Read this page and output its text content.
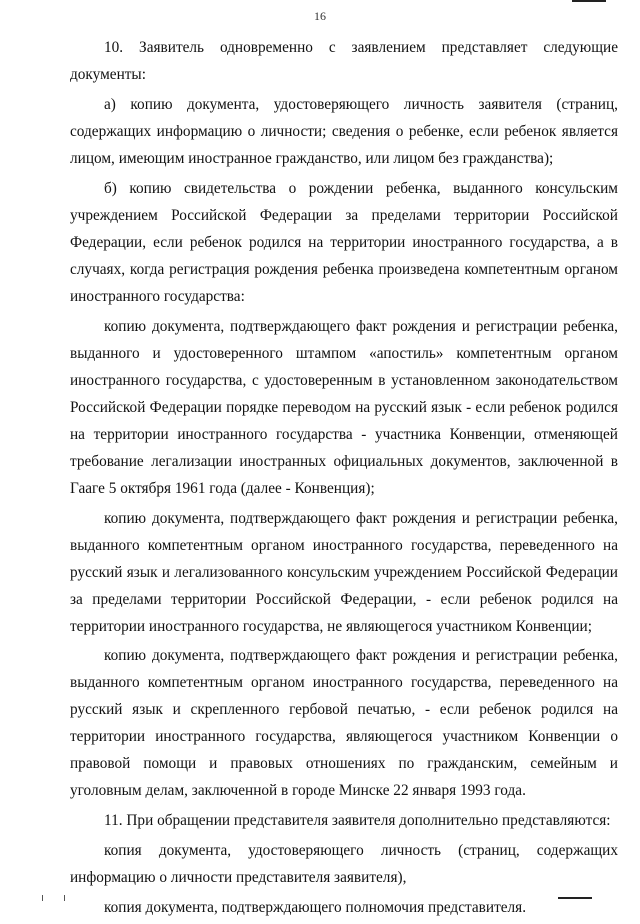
16

10. Заявитель одновременно с заявлением представляет следующие документы:

а) копию документа, удостоверяющего личность заявителя (страниц, содержащих информацию о личности; сведения о ребенке, если ребенок является лицом, имеющим иностранное гражданство, или лицом без гражданства);

б) копию свидетельства о рождении ребенка, выданного консульским учреждением Российской Федерации за пределами территории Российской Федерации, если ребенок родился на территории иностранного государства, а в случаях, когда регистрация рождения ребенка произведена компетентным органом иностранного государства:

копию документа, подтверждающего факт рождения и регистрации ребенка, выданного и удостоверенного штампом «апостиль» компетентным органом иностранного государства, с удостоверенным в установленном законодательством Российской Федерации порядке переводом на русский язык - если ребенок родился на территории иностранного государства - участника Конвенции, отменяющей требование легализации иностранных официальных документов, заключенной в Гааге 5 октября 1961 года (далее - Конвенция);

копию документа, подтверждающего факт рождения и регистрации ребенка, выданного компетентным органом иностранного государства, переведенного на русский язык и легализованного консульским учреждением Российской Федерации за пределами территории Российской Федерации, - если ребенок родился на территории иностранного государства, не являющегося участником Конвенции;

копию документа, подтверждающего факт рождения и регистрации ребенка, выданного компетентным органом иностранного государства, переведенного на русский язык и скрепленного гербовой печатью, - если ребенок родился на территории иностранного государства, являющегося участником Конвенции о правовой помощи и правовых отношениях по гражданским, семейным и уголовным делам, заключенной в городе Минске 22 января 1993 года.

11. При обращении представителя заявителя дополнительно представляются:

копия документа, удостоверяющего личность (страниц, содержащих информацию о личности представителя заявителя),

копия документа, подтверждающего полномочия представителя.
